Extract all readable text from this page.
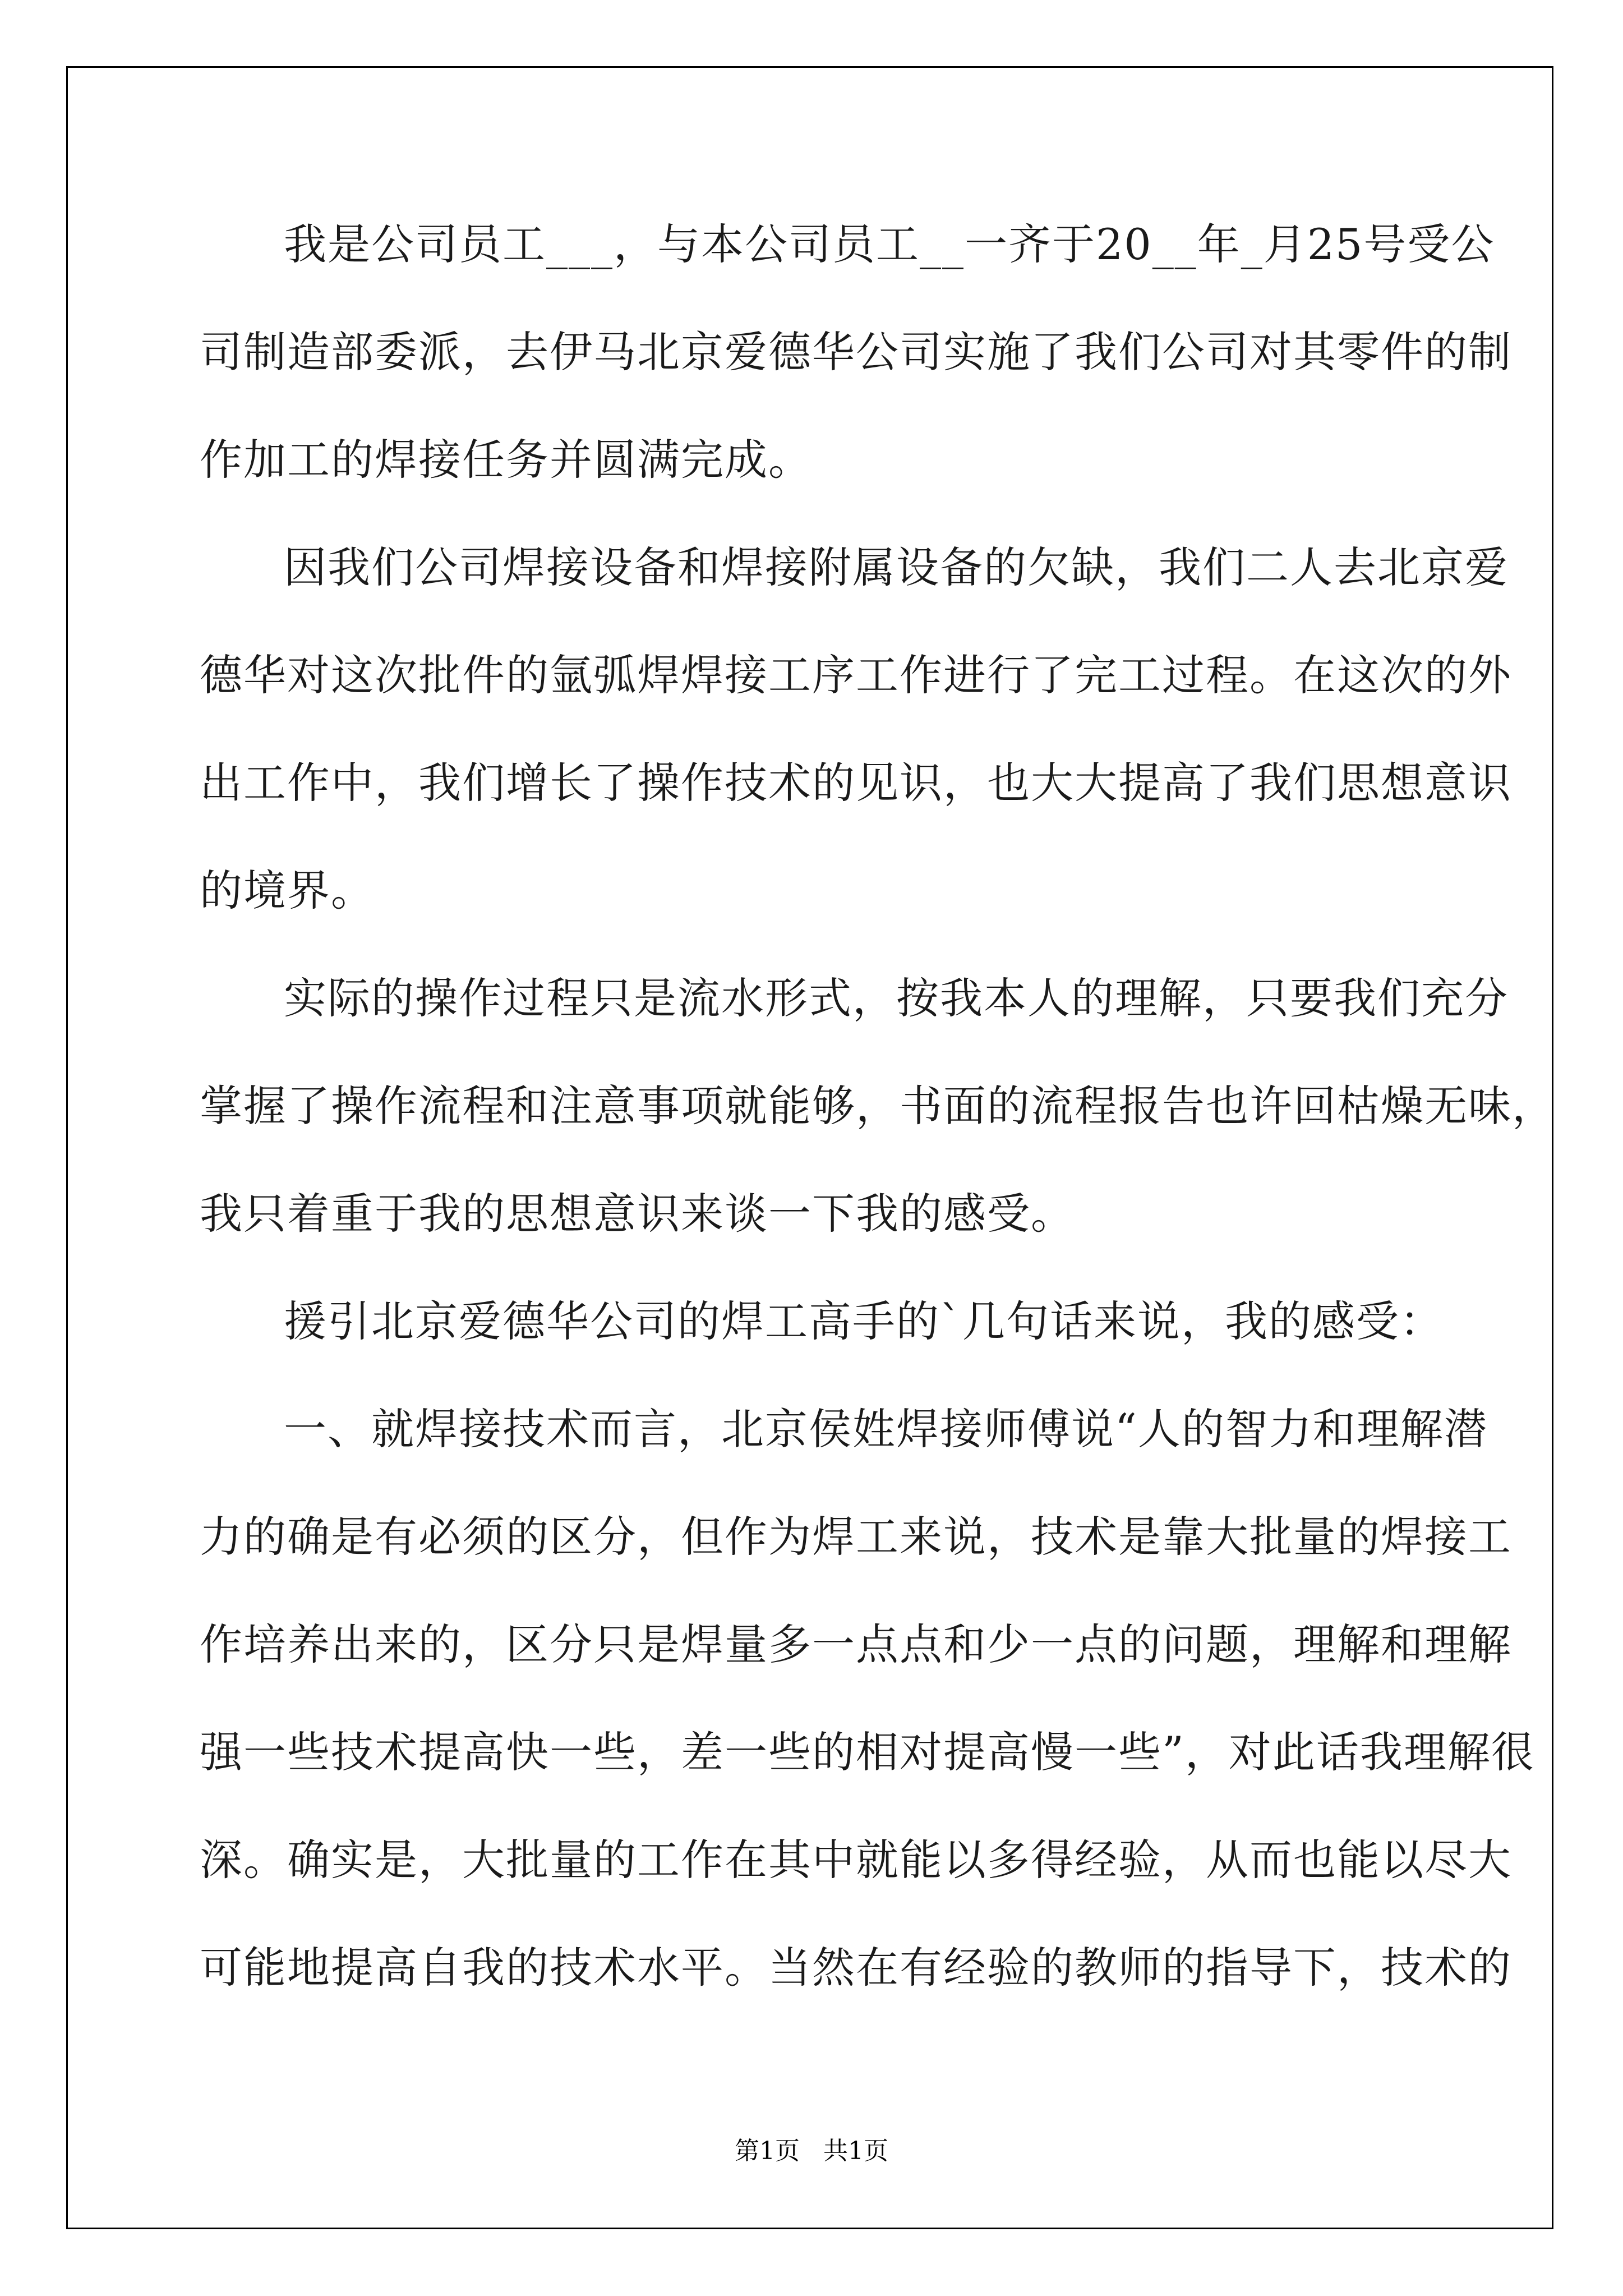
我是公司员工___，与本公司员工__一齐于20__年_月25号受公
司制造部委派，去伊马北京爱德华公司实施了我们公司对其零件的制
作加工的焊接任务并圆满完成。
因我们公司焊接设备和焊接附属设备的欠缺，我们二人去北京爱
德华对这次批件的氩弧焊焊接工序工作进行了完工过程。在这次的外
出工作中，我们增长了操作技术的见识，也大大提高了我们思想意识
的境界。
实际的操作过程只是流水形式，按我本人的理解，只要我们充分
掌握了操作流程和注意事项就能够，书面的流程报告也许回枯燥无味，
我只着重于我的思想意识来谈一下我的感受。
援引北京爱德华公司的焊工高手的`几句话来说，我的感受：
一、就焊接技术而言，北京侯姓焊接师傅说“人的智力和理解潜
力的确是有必须的区分，但作为焊工来说，技术是靠大批量的焊接工
作培养出来的，区分只是焊量多一点点和少一点的问题，理解和理解
强一些技术提高快一些，差一些的相对提高慢一些”，对此话我理解很
深。确实是，大批量的工作在其中就能以多得经验，从而也能以尽大
可能地提高自我的技术水平。当然在有经验的教师的指导下，技术的
第1页   共1页
